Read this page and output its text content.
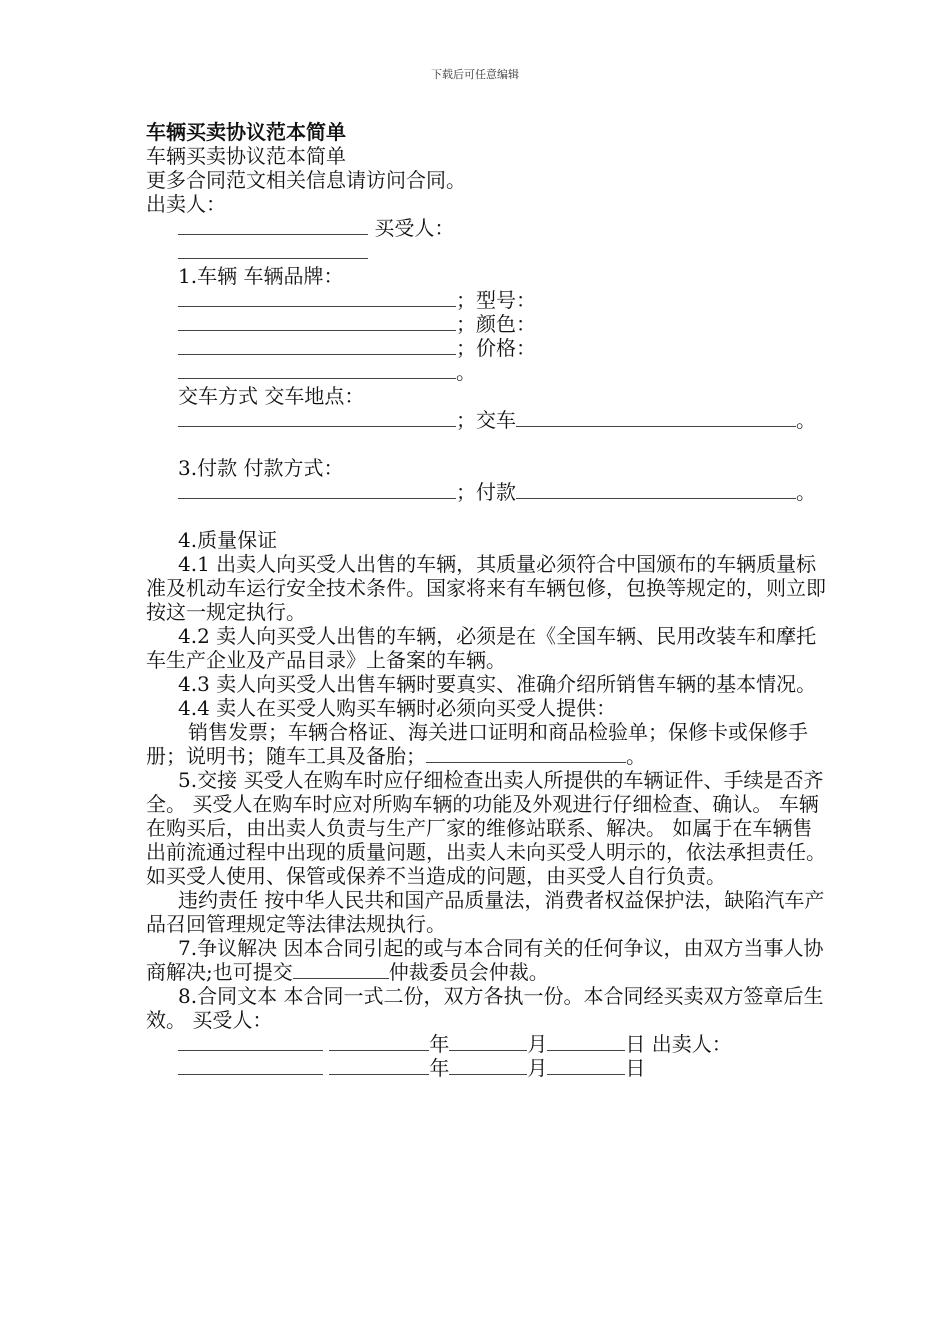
下载后可任意编辑
车辆买卖协议范本简单
车辆买卖协议范本简单
更多合同范文相关信息请访问合同。
出卖人：
买受人：
1.车辆 车辆品牌：
；型号：
；颜色：
；价格：
。
交车方式 交车地点：
；交车	。
3.付款 付款方式：
；付款	。
4.质量保证
4.1 出卖人向买受人出售的车辆，其质量必须符合中国颁布的车辆质量标准及机动车运行安全技术条件。国家将来有车辆包修，包换等规定的，则立即按这一规定执行。
4.2 卖人向买受人出售的车辆，必须是在《全国车辆、民用改装车和摩托车生产企业及产品目录》上备案的车辆。
4.3 卖人向买受人出售车辆时要真实、准确介绍所销售车辆的基本情况。
4.4 卖人在买受人购买车辆时必须向买受人提供：
销售发票；车辆合格证、海关进口证明和商品检验单；保修卡或保修手册；说明书；随车工具及备胎；	。
5.交接 买受人在购车时应仔细检查出卖人所提供的车辆证件、手续是否齐全。 买受人在购车时应对所购车辆的功能及外观进行仔细检查、确认。 车辆在购买后，由出卖人负责与生产厂家的维修站联系、解决。 如属于在车辆售出前流通过程中出现的质量问题，出卖人未向买受人明示的，依法承担责任。如买受人使用、保管或保养不当造成的问题，由买受人自行负责。
违约责任 按中华人民共和国产品质量法，消费者权益保护法，缺陷汽车产品召回管理规定等法律法规执行。
7.争议解决 因本合同引起的或与本合同有关的任何争议，由双方当事人协商解决;也可提交	仲裁委员会仲裁。
8.合同文本 本合同一式二份，双方各执一份。本合同经买卖双方签章后生效。 买受人：
年	月	日 出卖人：
年	月	日
